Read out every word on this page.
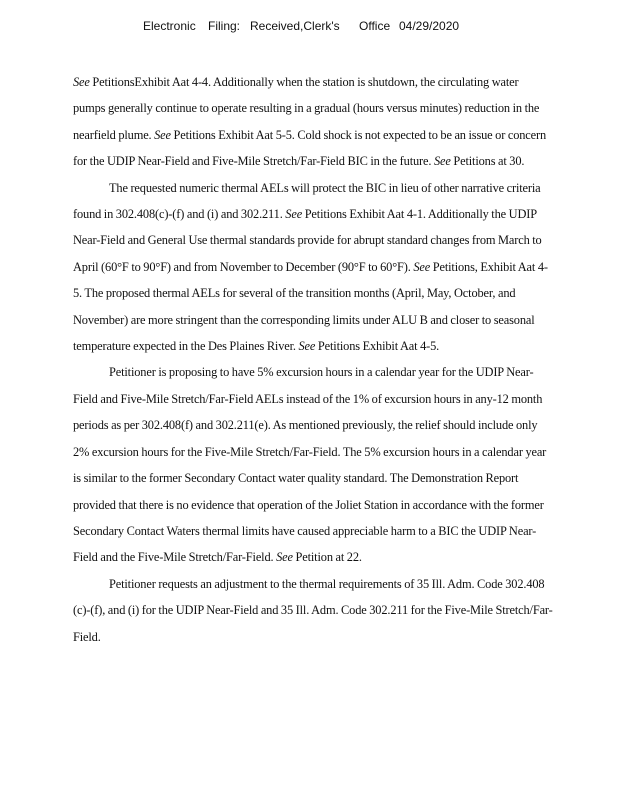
Electronic Filing: Received,Clerk's Office 04/29/2020

See PetitionsExhibit Aat 4-4. Additionally when the station is shutdown, the circulating water pumps generally continue to operate resulting in a gradual (hours versus minutes) reduction in the nearfield plume. See Petitions Exhibit Aat 5-5. Cold shock is not expected to be an issue or concern for the UDIP Near-Field and Five-Mile Stretch/Far-Field BIC in the future. See Petitions at 30.

The requested numeric thermal AELs will protect the BIC in lieu of other narrative criteria found in 302.408(c)-(f) and (i) and 302.211. See Petitions Exhibit Aat 4-1. Additionally the UDIP Near-Field and General Use thermal standards provide for abrupt standard changes from March to April (60°F to 90°F) and from November to December (90°F to 60°F). See Petitions, Exhibit Aat 4-5. The proposed thermal AELs for several of the transition months (April, May, October, and November) are more stringent than the corresponding limits under ALU B and closer to seasonal temperature expected in the Des Plaines River. See Petitions Exhibit Aat 4-5.

Petitioner is proposing to have 5% excursion hours in a calendar year for the UDIP Near-Field and Five-Mile Stretch/Far-Field AELs instead of the 1% of excursion hours in any-12 month periods as per 302.408(f) and 302.211(e). As mentioned previously, the relief should include only 2% excursion hours for the Five-Mile Stretch/Far-Field. The 5% excursion hours in a calendar year is similar to the former Secondary Contact water quality standard. The Demonstration Report provided that there is no evidence that operation of the Joliet Station in accordance with the former Secondary Contact Waters thermal limits have caused appreciable harm to a BIC the UDIP Near-Field and the Five-Mile Stretch/Far-Field. See Petition at 22.

Petitioner requests an adjustment to the thermal requirements of 35 Ill. Adm. Code 302.408 (c)-(f), and (i) for the UDIP Near-Field and 35 Ill. Adm. Code 302.211 for the Five-Mile Stretch/Far-Field.
